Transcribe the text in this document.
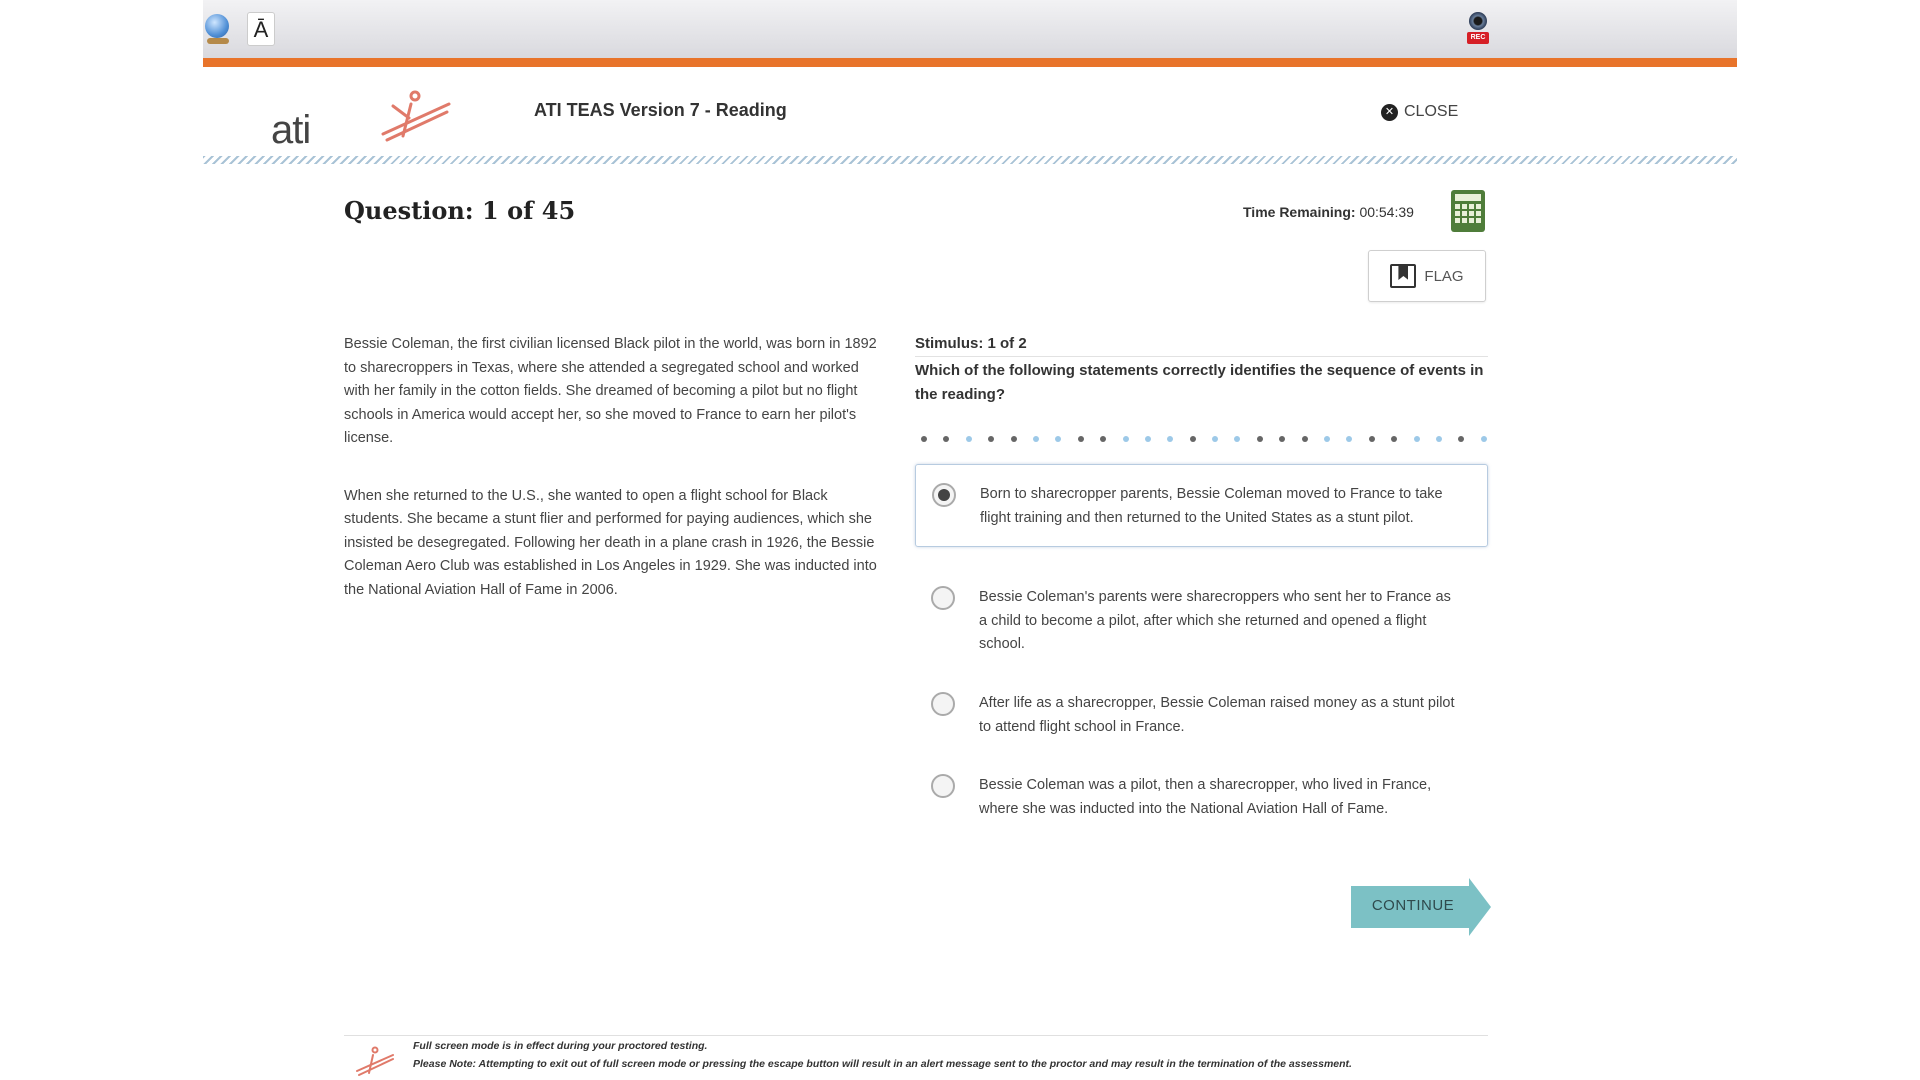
Ā	REC
ati	ATI TEAS Version 7 - Reading	✕ CLOSE
Question: 1 of 45	Time Remaining: 00:54:39
FLAG

Bessie Coleman, the first civilian licensed Black pilot in the world, was born in 1892 to sharecroppers in Texas, where she attended a segregated school and worked with her family in the cotton fields. She dreamed of becoming a pilot but no flight schools in America would accept her, so she moved to France to earn her pilot's license.

When she returned to the U.S., she wanted to open a flight school for Black students. She became a stunt flier and performed for paying audiences, which she insisted be desegregated. Following her death in a plane crash in 1926, the Bessie Coleman Aero Club was established in Los Angeles in 1929. She was inducted into the National Aviation Hall of Fame in 2006.

Stimulus: 1 of 2
Which of the following statements correctly identifies the sequence of events in the reading?
Born to sharecropper parents, Bessie Coleman moved to France to take flight training and then returned to the United States as a stunt pilot.
Bessie Coleman's parents were sharecroppers who sent her to France as a child to become a pilot, after which she returned and opened a flight school.
After life as a sharecropper, Bessie Coleman raised money as a stunt pilot to attend flight school in France.
Bessie Coleman was a pilot, then a sharecropper, who lived in France, where she was inducted into the National Aviation Hall of Fame.
CONTINUE

Full screen mode is in effect during your proctored testing.

Please Note: Attempting to exit out of full screen mode or pressing the escape button will result in an alert message sent to the proctor and may result in the termination of the assessment.
